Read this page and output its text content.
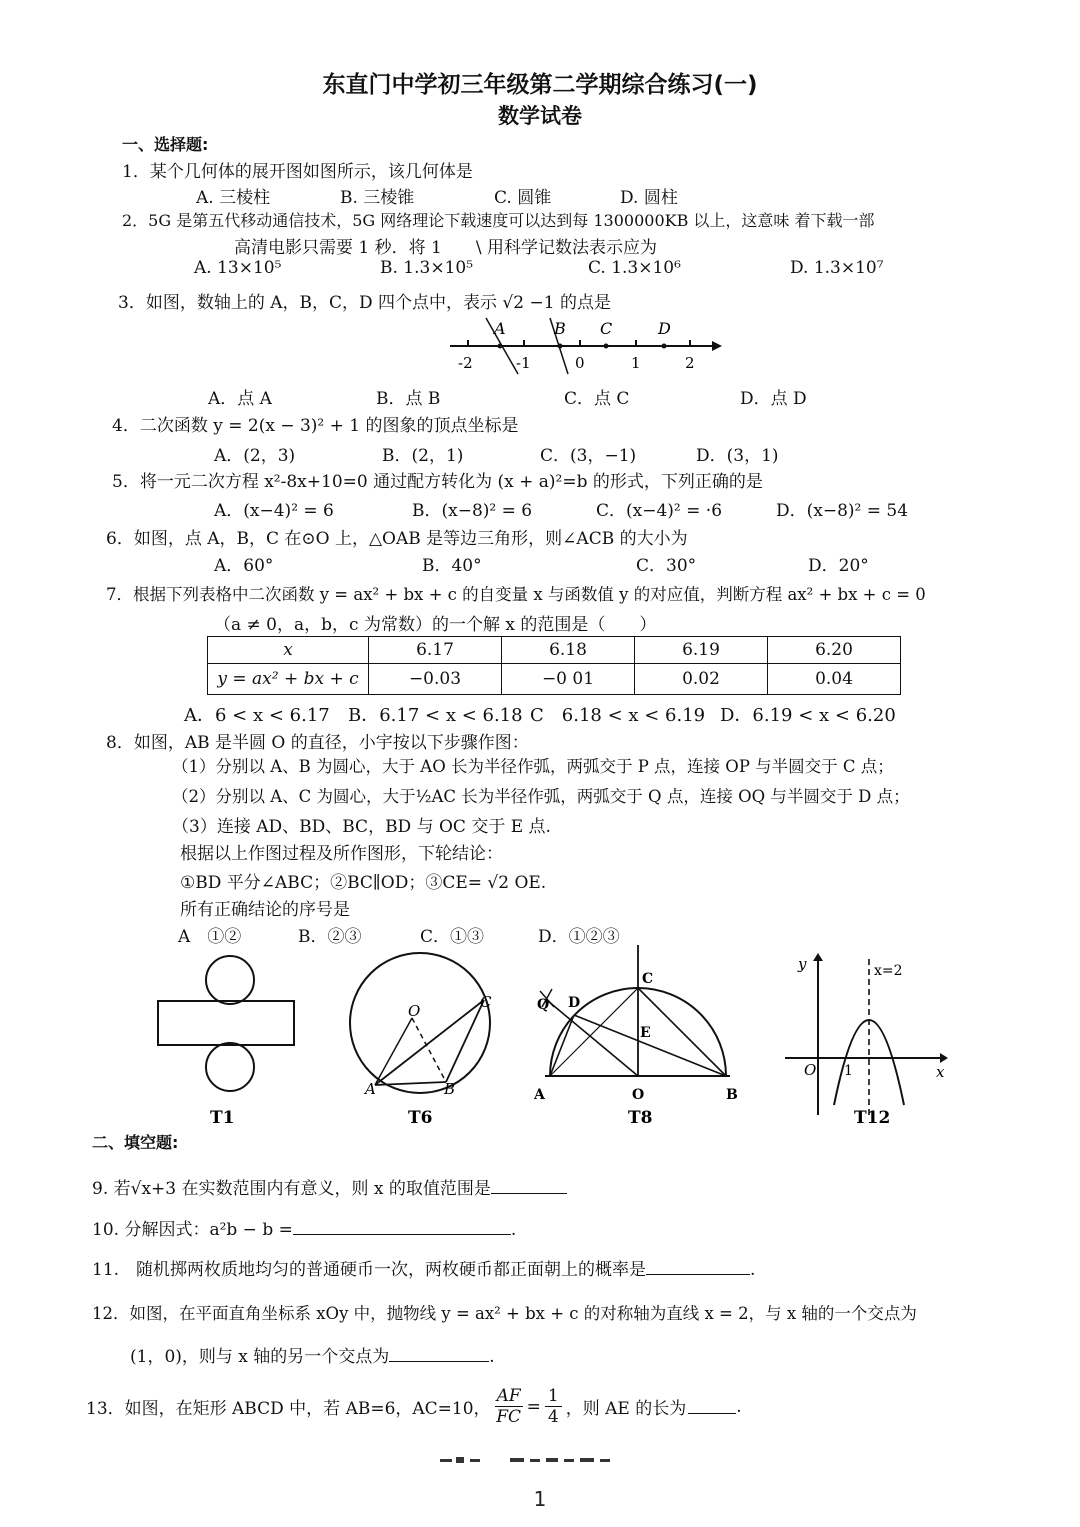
东直门中学初三年级第二学期综合练习(一)
数学试卷
一、选择题:
1．某个几何体的展开图如图所示，该几何体是
A. 三棱柱	B. 三棱锥	C. 圆锥	D. 圆柱
2．5G 是第五代移动通信技术，5G 网络理论下载速度可以达到每 1300000KB 以上，这意味 着下载一部
高清电影只需要 1 秒．将 1　　\ 用科学记数法表示应为
A. 13×10⁵	B. 1.3×10⁵	C. 1.3×10⁶	D. 1.3×10⁷
3．如图，数轴上的 A，B，C，D 四个点中，表示 √2 −1 的点是
A	B C	D
-2	-1	0	1	2
A．点 A	B．点 B	C．点 C	D．点 D
4．二次函数 y = 2(x − 3)² + 1 的图象的顶点坐标是
A．(2，3)	B．(2，1)	C．(3，−1)	D．(3，1)
5．将一元二次方程 x²-8x+10=0 通过配方转化为 (x + a)²=b 的形式，下列正确的是
A．(x−4)² = 6	B．(x−8)² = 6	C．(x−4)² = ·6	D．(x−8)² = 54
6．如图，点 A，B，C 在⊙O 上，△OAB 是等边三角形，则∠ACB 的大小为
A．60°	B．40°	C．30°	D．20°
7．根据下列表格中二次函数 y = ax² + bx + c 的自变量 x 与函数值 y 的对应值，判断方程 ax² + bx + c = 0
（a ≠ 0，a，b，c 为常数）的一个解 x 的范围是（　　）
x	6.17	6.18	6.19	6.20
y = ax² + bx + c	−0.03	−0 01	0.02	0.04
A．6 < x < 6.17 B．6.17 < x < 6.18 C　6.18 < x < 6.19 D．6.19 < x < 6.20
8．如图，AB 是半圆 O 的直径，小宇按以下步骤作图：
（1）分别以 A、B 为圆心，大于 AO 长为半径作弧，两弧交于 P 点，连接 OP 与半圆交于 C 点；
（2）分别以 A、C 为圆心，大于½AC 长为半径作弧，两弧交于 Q 点，连接 OQ 与半圆交于 D 点；
（3）连接 AD、BD、BC，BD 与 OC 交于 E 点.
根据以上作图过程及所作图形，下轮结论：
①BD 平分∠ABC；②BC∥OD；③CE= √2 OE.
所有正确结论的序号是
A　①②	B．②③	C．①③	D．①②③
T1
O
A	B
C
T6
Q D
C
E
A	O	B
T8
y	x=2
O 1	x
T12
二、填空题:
9. 若√x+3 在实数范围内有意义，则 x 的取值范围是
10. 分解因式：a²b − b =	.
11.　随机掷两枚质地均匀的普通硬币一次，两枚硬币都正面朝上的概率是	.
12．如图，在平面直角坐标系 xOy 中，抛物线 y = ax² + bx + c 的对称轴为直线 x = 2，与 x 轴的一个交点为
(1，0)，则与 x 轴的另一个交点为	.
13．如图，在矩形 ABCD 中，若 AB=6，AC=10， $\frac{AF}{FC} = \frac{1}{4}$ ，则 AE 的长为	.
1
